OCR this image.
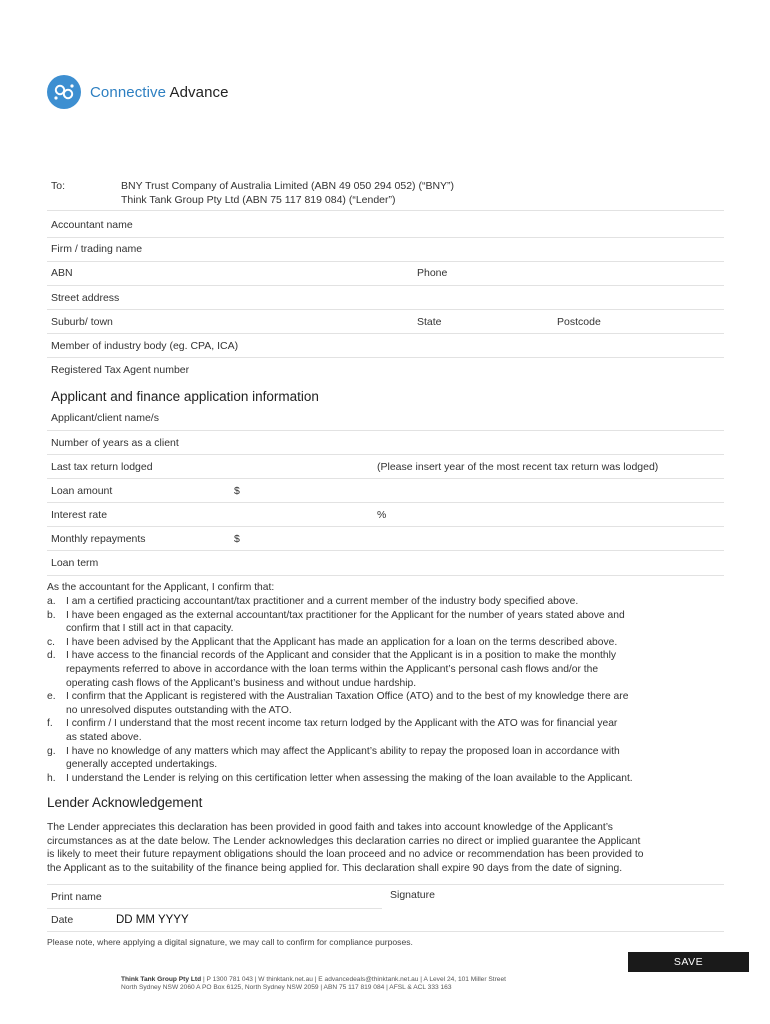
Connective Advance
To:	BNY Trust Company of Australia Limited (ABN 49 050 294 052) (“BNY”)
Think Tank Group Pty Ltd (ABN 75 117 819 084) (“Lender”)
Accountant name
Firm / trading name
ABN	Phone
Street address
Suburb/ town	State	Postcode
Member of industry body (eg. CPA, ICA)
Registered Tax Agent number
Applicant and finance application information
Applicant/client name/s
Number of years as a client
Last tax return lodged	(Please insert year of the most recent tax return was lodged)
Loan amount	$
Interest rate	%
Monthly repayments	$
Loan term
As the accountant for the Applicant, I confirm that:
a. I am a certified practicing accountant/tax practitioner and a current member of the industry body specified above.
b. I have been engaged as the external accountant/tax practitioner for the Applicant for the number of years stated above and
confirm that I still act in that capacity.
c. I have been advised by the Applicant that the Applicant has made an application for a loan on the terms described above.
d. I have access to the financial records of the Applicant and consider that the Applicant is in a position to make the monthly
repayments referred to above in accordance with the loan terms within the Applicant’s personal cash flows and/or the
operating cash flows of the Applicant’s business and without undue hardship.
e. I confirm that the Applicant is registered with the Australian Taxation Office (ATO) and to the best of my knowledge there are
no unresolved disputes outstanding with the ATO.
f. I confirm / I understand that the most recent income tax return lodged by the Applicant with the ATO was for financial year
as stated above.
g. I have no knowledge of any matters which may affect the Applicant’s ability to repay the proposed loan in accordance with
generally accepted undertakings.
h. I understand the Lender is relying on this certification letter when assessing the making of the loan available to the Applicant.
Lender Acknowledgement
The Lender appreciates this declaration has been provided in good faith and takes into account knowledge of the Applicant’s
circumstances as at the date below. The Lender acknowledges this declaration carries no direct or implied guarantee the Applicant
is likely to meet their future repayment obligations should the loan proceed and no advice or recommendation has been provided to
the Applicant as to the suitability of the finance being applied for. This declaration shall expire 90 days from the date of signing.
Print name	Signature
Date	DD MM YYYY
Please note, where applying a digital signature, we may call to confirm for compliance purposes.
SAVE
Think Tank Group Pty Ltd | P 1300 781 043 | W thinktank.net.au | E advancedeals@thinktank.net.au | A Level 24, 101 Miller Street
North Sydney NSW 2060 A PO Box 6125, North Sydney NSW 2059 | ABN 75 117 819 084 | AFSL & ACL 333 163
